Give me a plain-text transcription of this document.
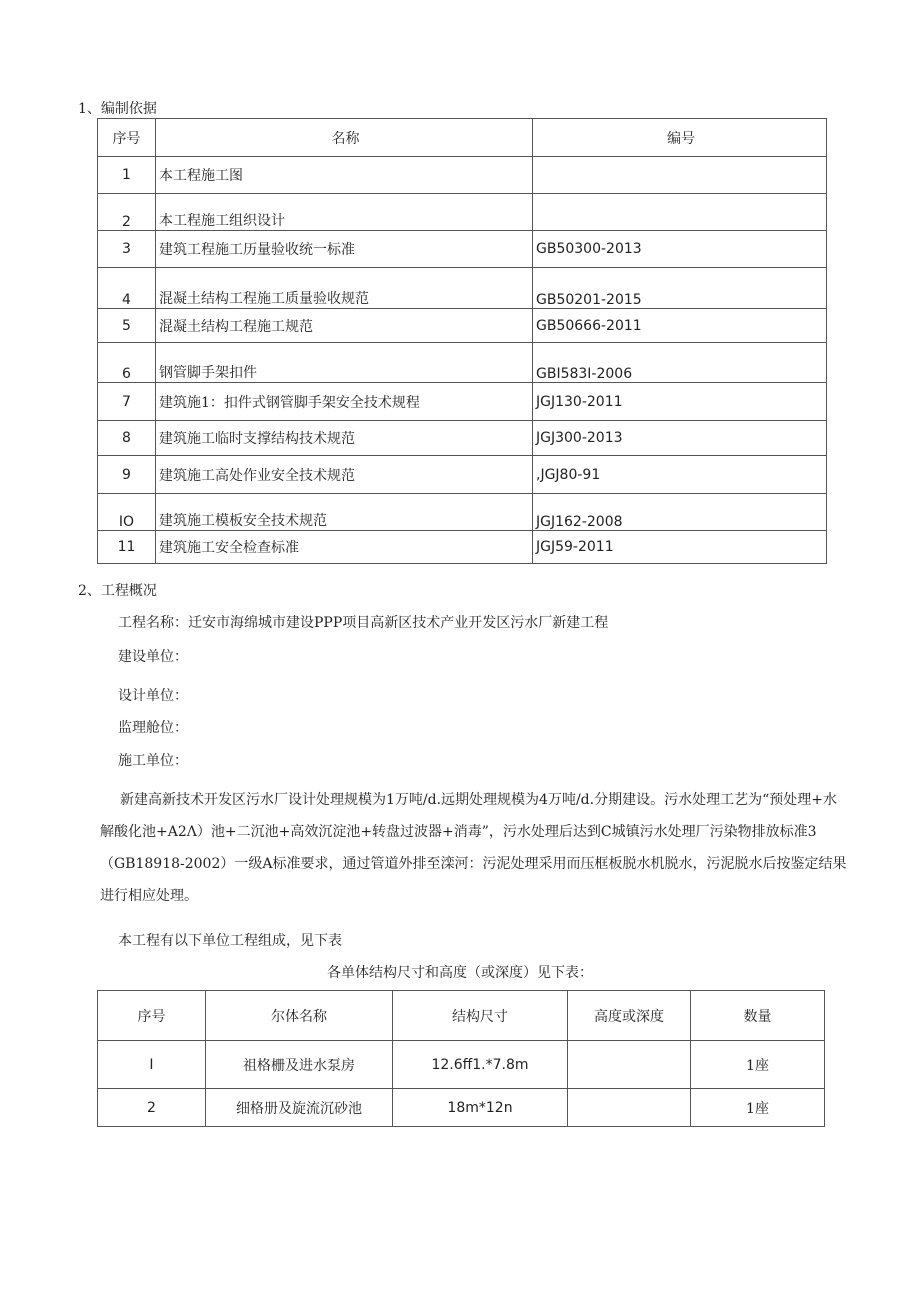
1、编制依据
序号	名称	编号
1	本工程施工图	
2	本工程施工组织设计	
3	建筑工程施工历量验收统一标准	GB50300-2013
4	混凝土结构工程施工质量验收规范	GB50201-2015
5	混凝土结构工程施工规范	GB50666-2011
6	钢管脚手架扣件	GBI583I-2006
7	建筑施1：扣件式钢管脚手架安全技术规程	JGJ130-2011
8	建筑施工临时支撑结构技术规范	JGJ300-2013
9	建筑施工高处作业安全技术规范	,JGJ80-91
IO	建筑施工模板安全技术规范	JGJ162-2008
11	建筑施工安全检查标准	JGJ59-2011
2、工程概况
工程名称：迁安市海绵城市建设PPP项目高新区技术产业开发区污水厂新建工程
建设单位：
设计单位：
监理舱位：
施工单位：
新建高新技术开发区污水厂设计处理规模为1万吨/d.远期处理规模为4万吨/d.分期建设。污水处理工艺为“预处理+水解酸化池+A2Λ）池+二沉池+高效沉淀池+转盘过波器+消毒”，污水处理后达到C城镇污水处理厂污染物排放标准3（GB18918-2002）一级A标准要求，通过管道外排至滦河：污泥处理采用而压框板脱水机脱水，污泥脱水后按鉴定结果进行相应处理。
本工程有以下单位工程组成，见下表
各单体结构尺寸和高度（或深度）见下表：
序号	尔体名称	结构尺寸	高度或深度	数量
I	祖格栅及进水泵房	12.6ff1.*7.8m		1座
2	细格册及旋流沉砂池	18m*12n		1座
